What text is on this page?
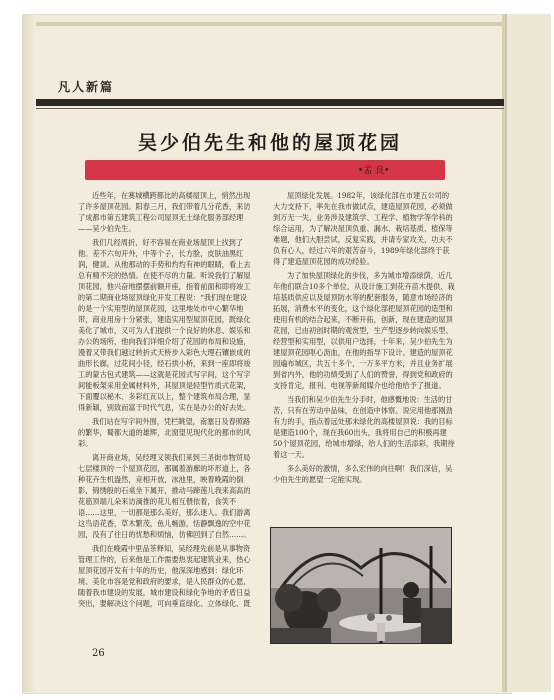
凡人新篇
吴少伯先生和他的屋顶花园
•孟 良•

近些年，在赛城横跨都比的高楼屋顶上，悄然出现了许多屋顶花园。阳春三月，我们带着几分花香，来访了成都市第五建筑工程公司屋顶无土绿化服务部经理——吴少伯先生。

我们几经周折，好不容易在商业场屋顶上找到了他。差不六旬开外，中等个子，长方脸，皮肤油黑红润，健谈。从他那动的手势和灼灼有神的眼睛，看上去总有精不完的热情。在使不尽的力量。听说我们了解屋顶花园，他兴奋地摆摆前额开座，指着前面和即将竣工的第二期商业场屋顶绿化开发工程说：“我们现在建设的是一个实用型的屋顶花园，这里地处市中心繁华地带，商业用房十分紧张，建造实用型屋顶花园，既绿化美化了城市，又可为人们提供一个良好的休息、娱乐和办公的场所，他向我们详细介绍了花园的布局和设施，漫着又带我们越过转折式天桥步入彩色大理石镶嵌成的曲形长廊，过花间小径，经石拱小桥，来到一座即将竣工的蒙古包式建筑——这就是花园式写字间，这个写字间能板架采用金属材料外，其屋顶是轻型竹质式花架，下面覆以秘木、多彩红瓦以上，整个建筑布局合理，显得新颖，别致而富于时代气息，实在是办公的好去处。

我们站在写字间外围，凭栏眺望，南塞日及春照路的繁华，蜀都大道的雄辉，北窗望见现代化的都市的风彩。

离开商业场，吴经理又领我们来到三圣街市物贸局七层楼顶的一个屋顶花园，那属着游廊的坏形道上，各种花卉生机盎然，竞相开放，冰池里，映着晚霞的倒影，锦绣般的石桌坐下属开，推动马蹄莲儿我来高高的花筋顶端儿朵来访滴推的花儿相互偎依着，食笑不语……这里，一切都是那么美好，那么迷人。我们游离这鸟语花香，草木繁茂，鱼儿畅游，恬静飘逸的空中花园，没有了往日的忧愁和烦恼，仿佛回到了自然……。

我们在晚霞中里品茶释知，吴经理先前是从事物资管理工作的，后来他是工作需要热衷起建筑业来，热心屋顶花园开发有十年的历史，他深深地感到：绿化环境、美化市容是党和政府的要求，是人民群众的心愿，随着我市建设的发展，城市建设和绿化争地的矛盾日益突出，要解决这个问题，可向垂直绿化、立体绿化、既

屋顶绿化发展。1982年，该绿化部在市建五公司的大力支持下，率先在我市做试点，建造屋顶花园，必须做到万无一失，业务涉及建筑学、工程学、植物学等学科的综合运用，为了解决屋顶负重、漏水、栽培基质、植保等难题，他们大胆尝试，反复实践，并请专家攻关，功夫不负有心人，经过六年的艰苦奋斗，1989年绿化部终于获得了建造屋顶花园的成功经验。

为了加快屋顶绿化的步伐，多为城市增添绿荫，近几年他们联合10多个单位，从设计施工到花卉苗木提供、栽培基质供应以及屋顶防水等的配套服务，随意市场经济的拓展，消费水平的变化，这个绿化部把屋顶花园的造型和使用有机的结合起来，不断开拓，创新，现在建造的屋顶花园，已由初创时期的观赏型，生产型逐步转向娱乐型、经营型和实用型，以供用户选择，十年来，吴少伯先生为建屋顶花园呕心沥血，在他的指导下设计、建造的屋顶花园遍布城区，共五十多个，一万多平方米，并且业务扩展到省内外，他的功绩受到了人们的赞誉，得到党和政府的支持肯定，报刊、电视等新闻媒介也给他给予了报道。

当我们和吴少伯先生分手时，他感慨地说：生活的甘苦，只有在劳动中品味，在创造中体察。说完用他那刚劲有力的手，指点着远处那未绿化的高楼屋顶说：我的目标是建造100个，现在我60出头，我将用自己的积极再建50个屋顶花园，给城市增绿，给人们的生活添彩，我期待着这一天。

多么美好的激情，多么宏伟的向往啊！我们深信，吴少伯先生的愿望一定能实现。

26
